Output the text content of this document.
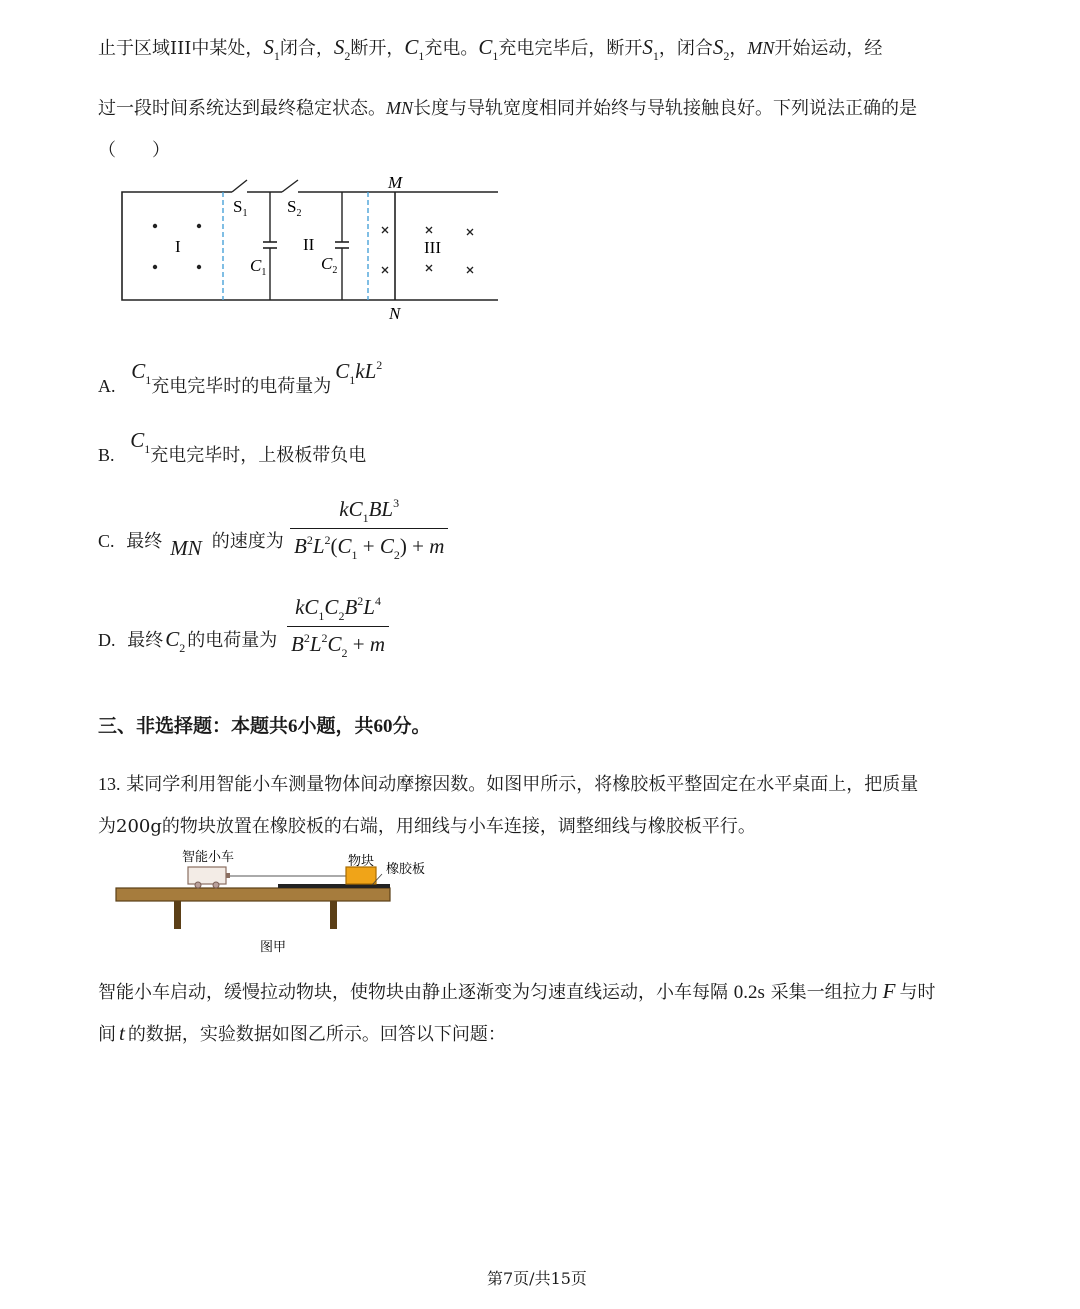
止于区域III中某处，$S_1$闭合，$S_2$断开，$C_1$充电。$C_1$充电完毕后，断开$S_1$，闭合$S_2$，MN开始运动，经
过一段时间系统达到最终稳定状态。MN长度与导轨宽度相同并始终与导轨接触良好。下列说法正确的是
（　　）
M
N
$S_1$ $S_2$
$C_1$	$C_2$
I	II	III
A. $C_1$充电完毕时的电荷量为$C_1kL^2$
B. $C_1$充电完毕时，上极板带负电
C. 最终 MN 的速度为 $\frac{kC_1BL^3}{B^2L^2(C_1 + C_2) + m}$
D. 最终$C_2$ 的电荷量为 $\frac{kC_1C_2B^2L^4}{B^2L^2C_2 + m}$
三、非选择题：本题共6小题，共60分。
13. 某同学利用智能小车测量物体间动摩擦因数。如图甲所示，将橡胶板平整固定在水平桌面上，把质量
为200g的物块放置在橡胶板的右端，用细线与小车连接，调整细线与橡胶板平行。
智能小车	物块
橡胶板
图甲
智能小车启动，缓慢拉动物块，使物块由静止逐渐变为匀速直线运动，小车每隔 0.2s 采集一组拉力 F 与时
间 t 的数据，实验数据如图乙所示。回答以下问题：
第7页/共15页
